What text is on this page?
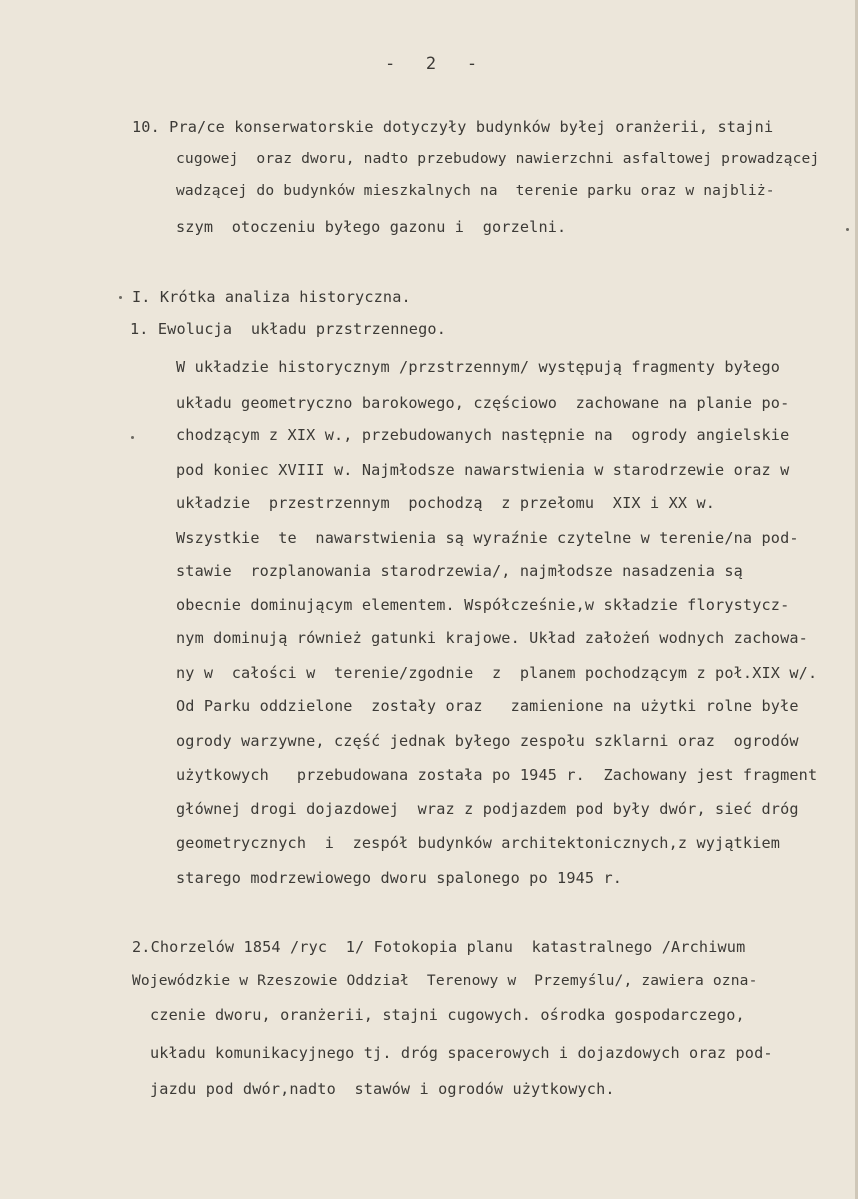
-   2   -
10. Pra/ce konserwatorskie dotyczyły budynków byłej oranżerii, stajni
cugowej  oraz dworu, nadto przebudowy nawierzchni asfaltowej prowadzącej
wadzącej do budynków mieszkalnych na  terenie parku oraz w najbliż-
szym  otoczeniu byłego gazonu i  gorzelni.
I. Krótka analiza historyczna.
1. Ewolucja  układu przstrzennego.
W układzie historycznym /przstrzennym/ występują fragmenty byłego
układu geometryczno barokowego, częściowo  zachowane na planie po-
chodzącym z XIX w., przebudowanych następnie na  ogrody angielskie
pod koniec XVIII w. Najmłodsze nawarstwienia w starodrzewie oraz w
układzie  przestrzennym  pochodzą  z przełomu  XIX i XX w.
Wszystkie  te  nawarstwienia są wyraźnie czytelne w terenie/na pod-
stawie  rozplanowania starodrzewia/, najmłodsze nasadzenia są
obecnie dominującym elementem. Współcześnie,w składzie florystycz-
nym dominują również gatunki krajowe. Układ założeń wodnych zachowa-
ny w  całości w  terenie/zgodnie  z  planem pochodzącym z poł.XIX w/.
Od Parku oddzielone  zostały oraz   zamienione na użytki rolne byłe
ogrody warzywne, część jednak byłego zespołu szklarni oraz  ogrodów
użytkowych   przebudowana została po 1945 r.  Zachowany jest fragment
głównej drogi dojazdowej  wraz z podjazdem pod były dwór, sieć dróg
geometrycznych  i  zespół budynków architektonicznych,z wyjątkiem
starego modrzewiowego dworu spalonego po 1945 r.
2.Chorzelów 1854 /ryc  1/ Fotokopia planu  katastralnego /Archiwum
Wojewódzkie w Rzeszowie Oddział  Terenowy w  Przemyślu/, zawiera ozna-
czenie dworu, oranżerii, stajni cugowych. ośrodka gospodarczego,
układu komunikacyjnego tj. dróg spacerowych i dojazdowych oraz pod-
jazdu pod dwór,nadto  stawów i ogrodów użytkowych.
